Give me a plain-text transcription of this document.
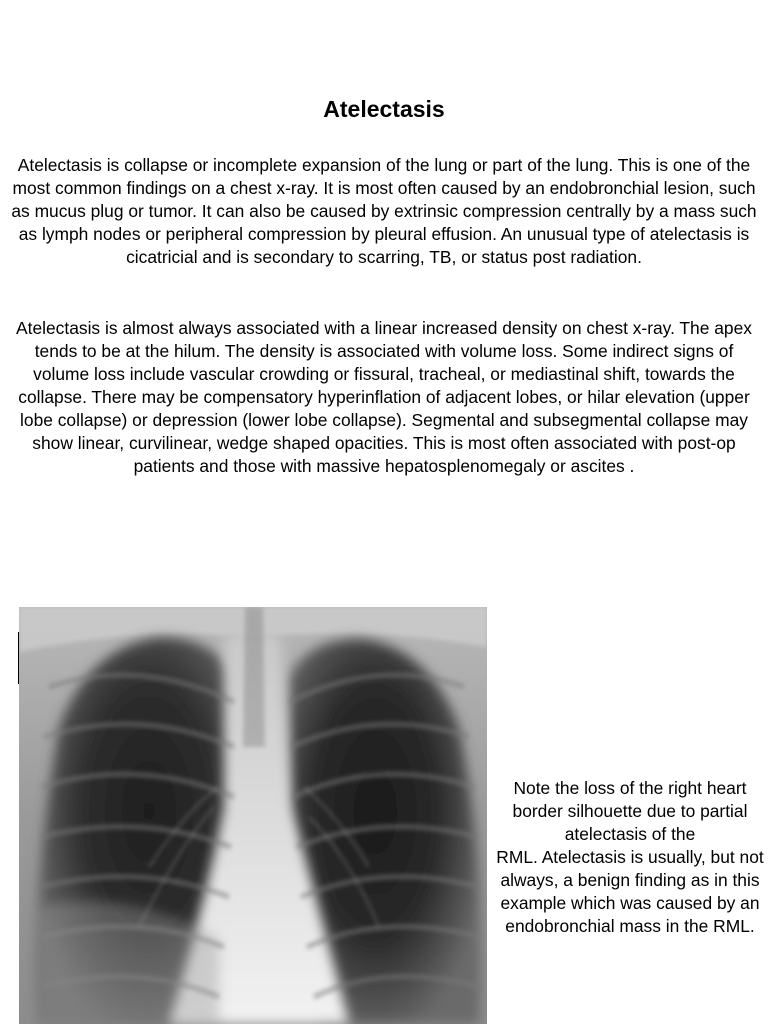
Atelectasis

Atelectasis is collapse or incomplete expansion of the lung or part of the lung. This is one of the most common findings on a chest x-ray. It is most often caused by an endobronchial lesion, such as mucus plug or tumor. It can also be caused by extrinsic compression centrally by a mass such as lymph nodes or peripheral compression by pleural effusion. An unusual type of atelectasis is cicatricial and is secondary to scarring, TB, or status post radiation.

Atelectasis is almost always associated with a linear increased density on chest x-ray. The apex tends to be at the hilum. The density is associated with volume loss. Some indirect signs of volume loss include vascular crowding or fissural, tracheal, or mediastinal shift, towards the collapse. There may be compensatory hyperinflation of adjacent lobes, or hilar elevation (upper lobe collapse) or depression (lower lobe collapse). Segmental and subsegmental collapse may show linear, curvilinear, wedge shaped opacities. This is most often associated with post-op patients and those with massive hepatosplenomegaly or ascites .

Note the loss of the right heart border silhouette due to partial atelectasis of the
RML. Atelectasis is usually, but not always, a benign finding as in this example which was caused by an endobronchial mass in the RML.
